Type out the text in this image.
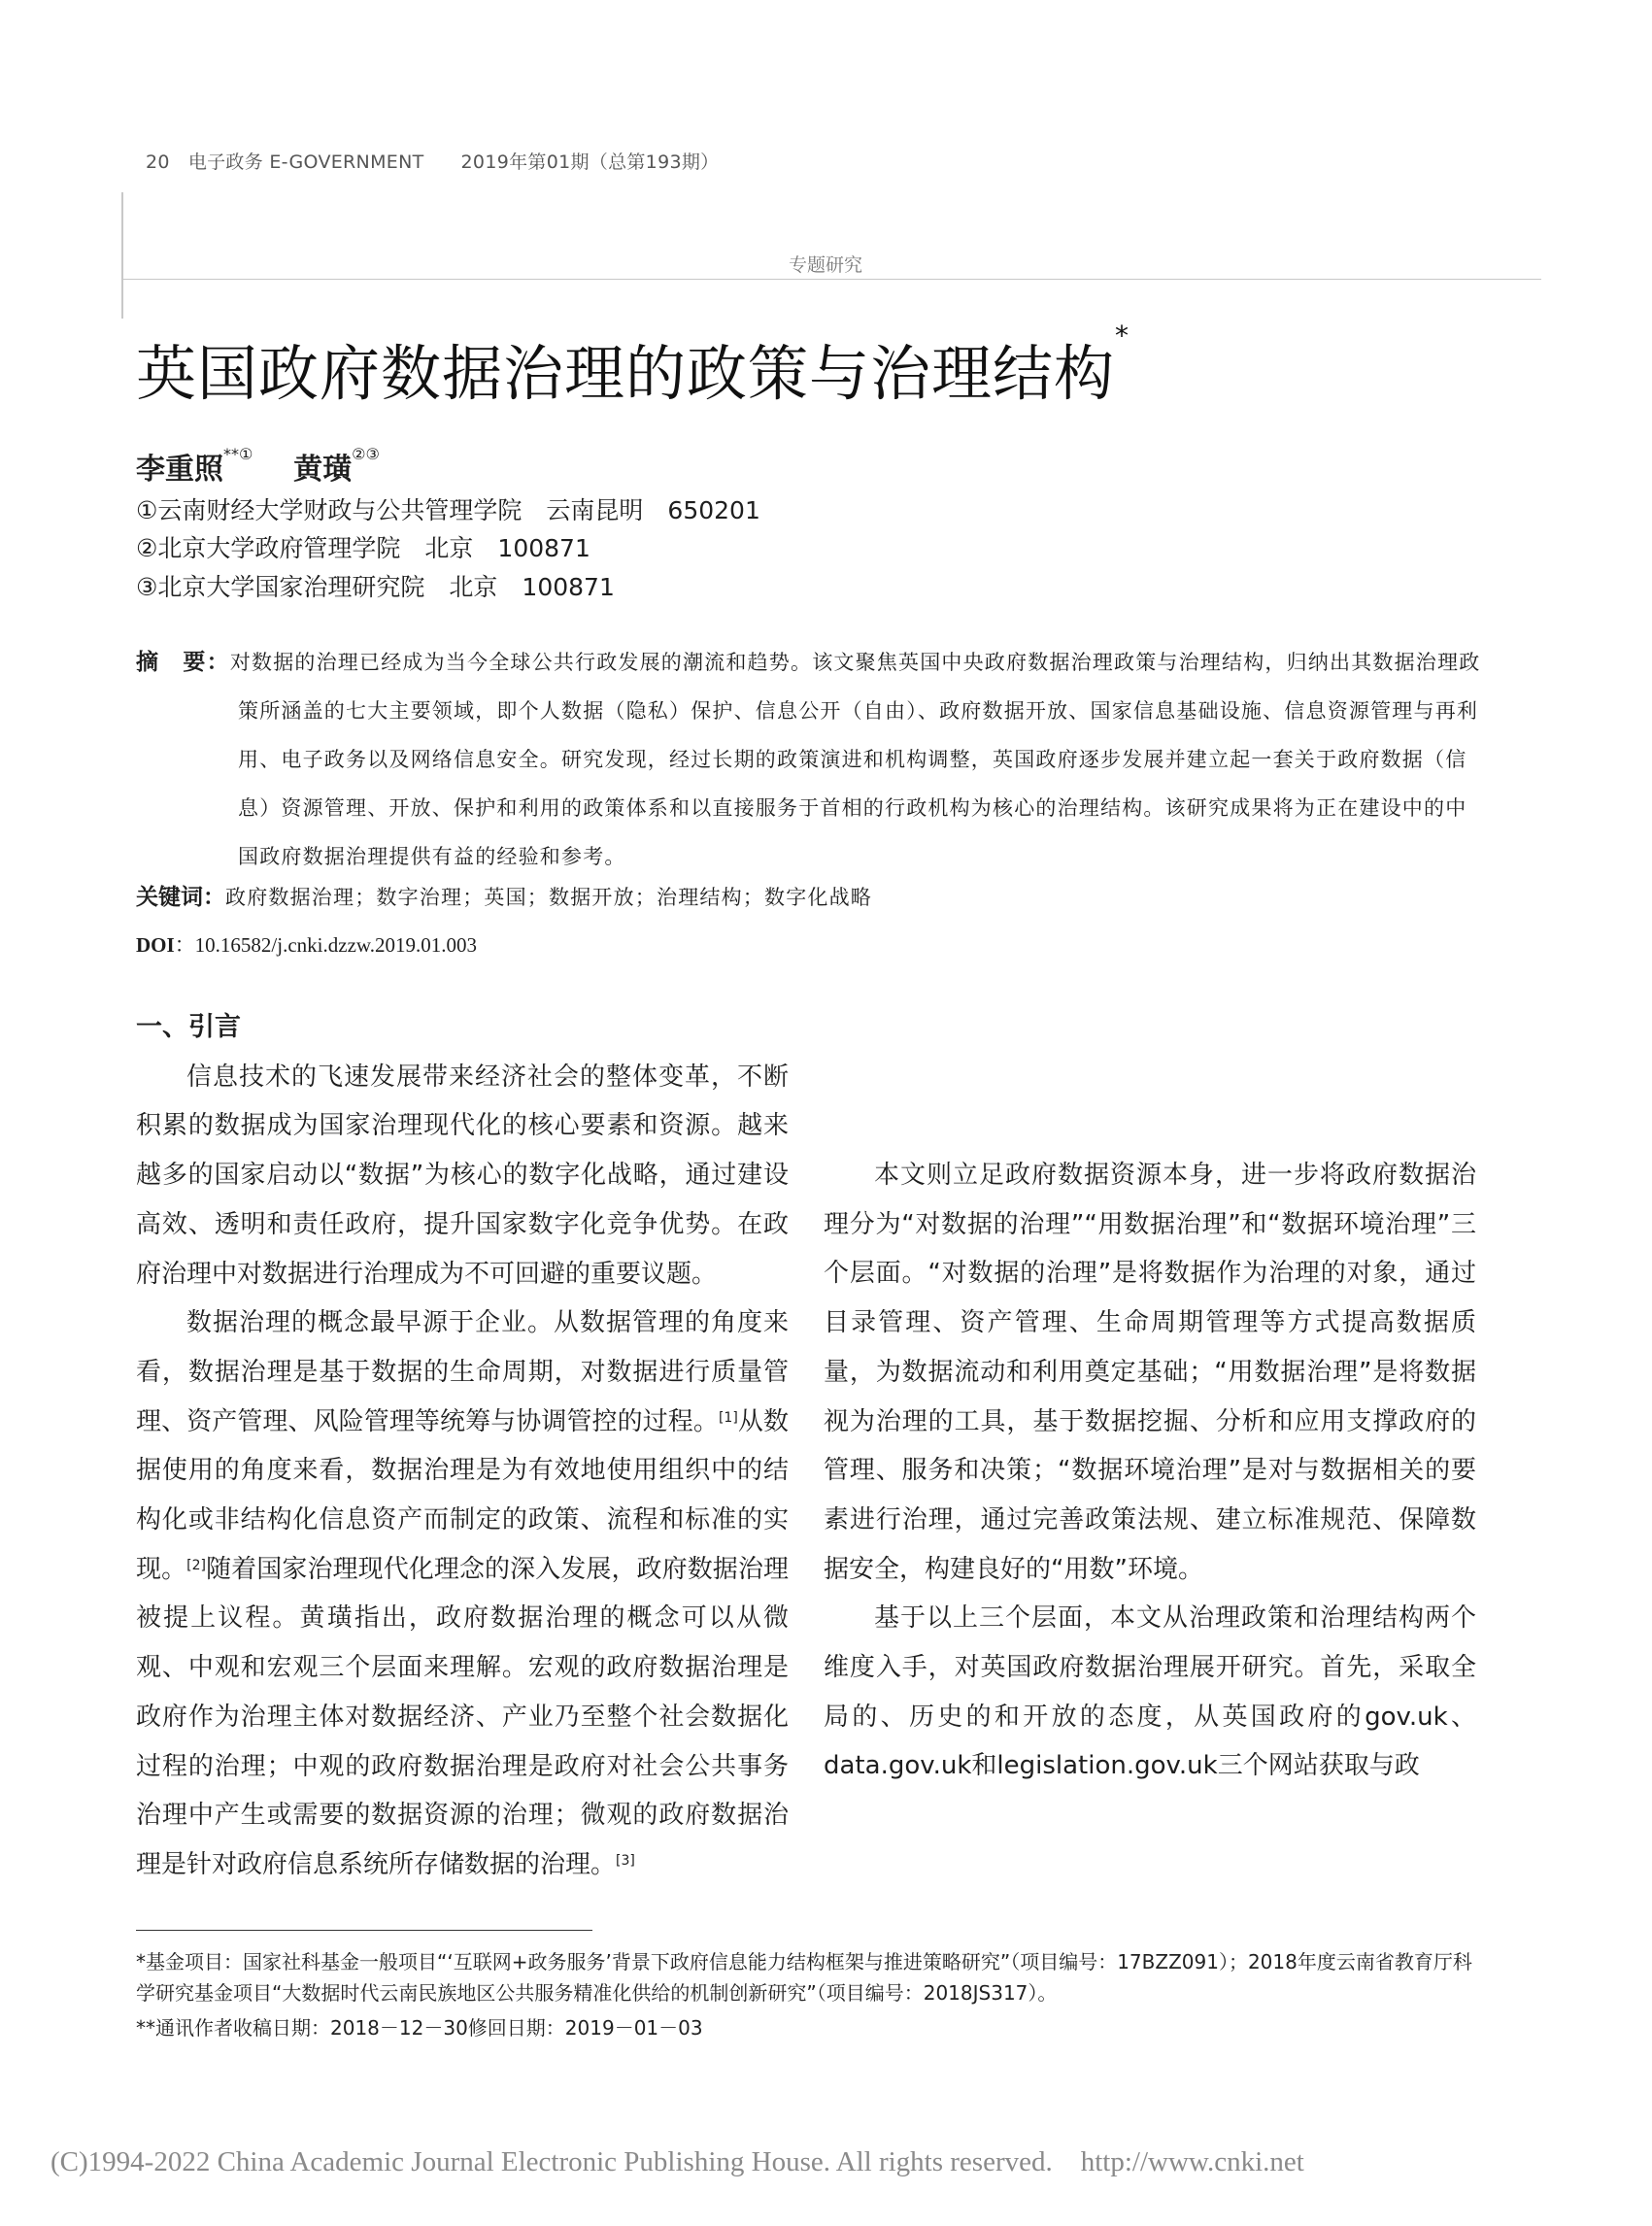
20 电子政务 E-GOVERNMENT 2019年第01期（总第193期）
专题研究
英国政府数据治理的政策与治理结构*
李重照**① 黄璜②③
①云南财经大学财政与公共管理学院　云南昆明　650201
②北京大学政府管理学院　北京　100871
③北京大学国家治理研究院　北京　100871
摘　要：对数据的治理已经成为当今全球公共行政发展的潮流和趋势。该文聚焦英国中央政府数据治理政策与治理结构，归纳出其数据治理政策所涵盖的七大主要领域，即个人数据（隐私）保护、信息公开（自由）、政府数据开放、国家信息基础设施、信息资源管理与再利用、电子政务以及网络信息安全。研究发现，经过长期的政策演进和机构调整，英国政府逐步发展并建立起一套关于政府数据（信息）资源管理、开放、保护和利用的政策体系和以直接服务于首相的行政机构为核心的治理结构。该研究成果将为正在建设中的中国政府数据治理提供有益的经验和参考。
关键词：政府数据治理；数字治理；英国；数据开放；治理结构；数字化战略
DOI：10.16582/j.cnki.dzzw.2019.01.003
一、引言

信息技术的飞速发展带来经济社会的整体变革，不断积累的数据成为国家治理现代化的核心要素和资源。越来越多的国家启动以“数据”为核心的数字化战略，通过建设高效、透明和责任政府，提升国家数字化竞争优势。在政府治理中对数据进行治理成为不可回避的重要议题。

数据治理的概念最早源于企业。从数据管理的角度来看，数据治理是基于数据的生命周期，对数据进行质量管理、资产管理、风险管理等统筹与协调管控的过程。[1]从数据使用的角度来看，数据治理是为有效地使用组织中的结构化或非结构化信息资产而制定的政策、流程和标准的实现。[2]随着国家治理现代化理念的深入发展，政府数据治理被提上议程。黄璜指出，政府数据治理的概念可以从微观、中观和宏观三个层面来理解。宏观的政府数据治理是政府作为治理主体对数据经济、产业乃至整个社会数据化过程的治理；中观的政府数据治理是政府对社会公共事务治理中产生或需要的数据资源的治理；微观的政府数据治理是针对政府信息系统所存储数据的治理。[3]

本文则立足政府数据资源本身，进一步将政府数据治理分为“对数据的治理”“用数据治理”和“数据环境治理”三个层面。“对数据的治理”是将数据作为治理的对象，通过目录管理、资产管理、生命周期管理等方式提高数据质量，为数据流动和利用奠定基础；“用数据治理”是将数据视为治理的工具，基于数据挖掘、分析和应用支撑政府的管理、服务和决策；“数据环境治理”是对与数据相关的要素进行治理，通过完善政策法规、建立标准规范、保障数据安全，构建良好的“用数”环境。

基于以上三个层面，本文从治理政策和治理结构两个维度入手，对英国政府数据治理展开研究。首先，采取全局的、历史的和开放的态度，从英国政府的gov.uk、data.gov.uk和legislation.gov.uk三个网站获取与政

*基金项目：国家社科基金一般项目“‘互联网+政务服务’背景下政府信息能力结构框架与推进策略研究”（项目编号：17BZZ091）；2018年度云南省教育厅科学研究基金项目“大数据时代云南民族地区公共服务精准化供给的机制创新研究”（项目编号：2018JS317）。
**通讯作者 收稿日期：2018－12－30 修回日期：2019－01－03
(C)1994-2022 China Academic Journal Electronic Publishing House. All rights reserved.    http://www.cnki.net
